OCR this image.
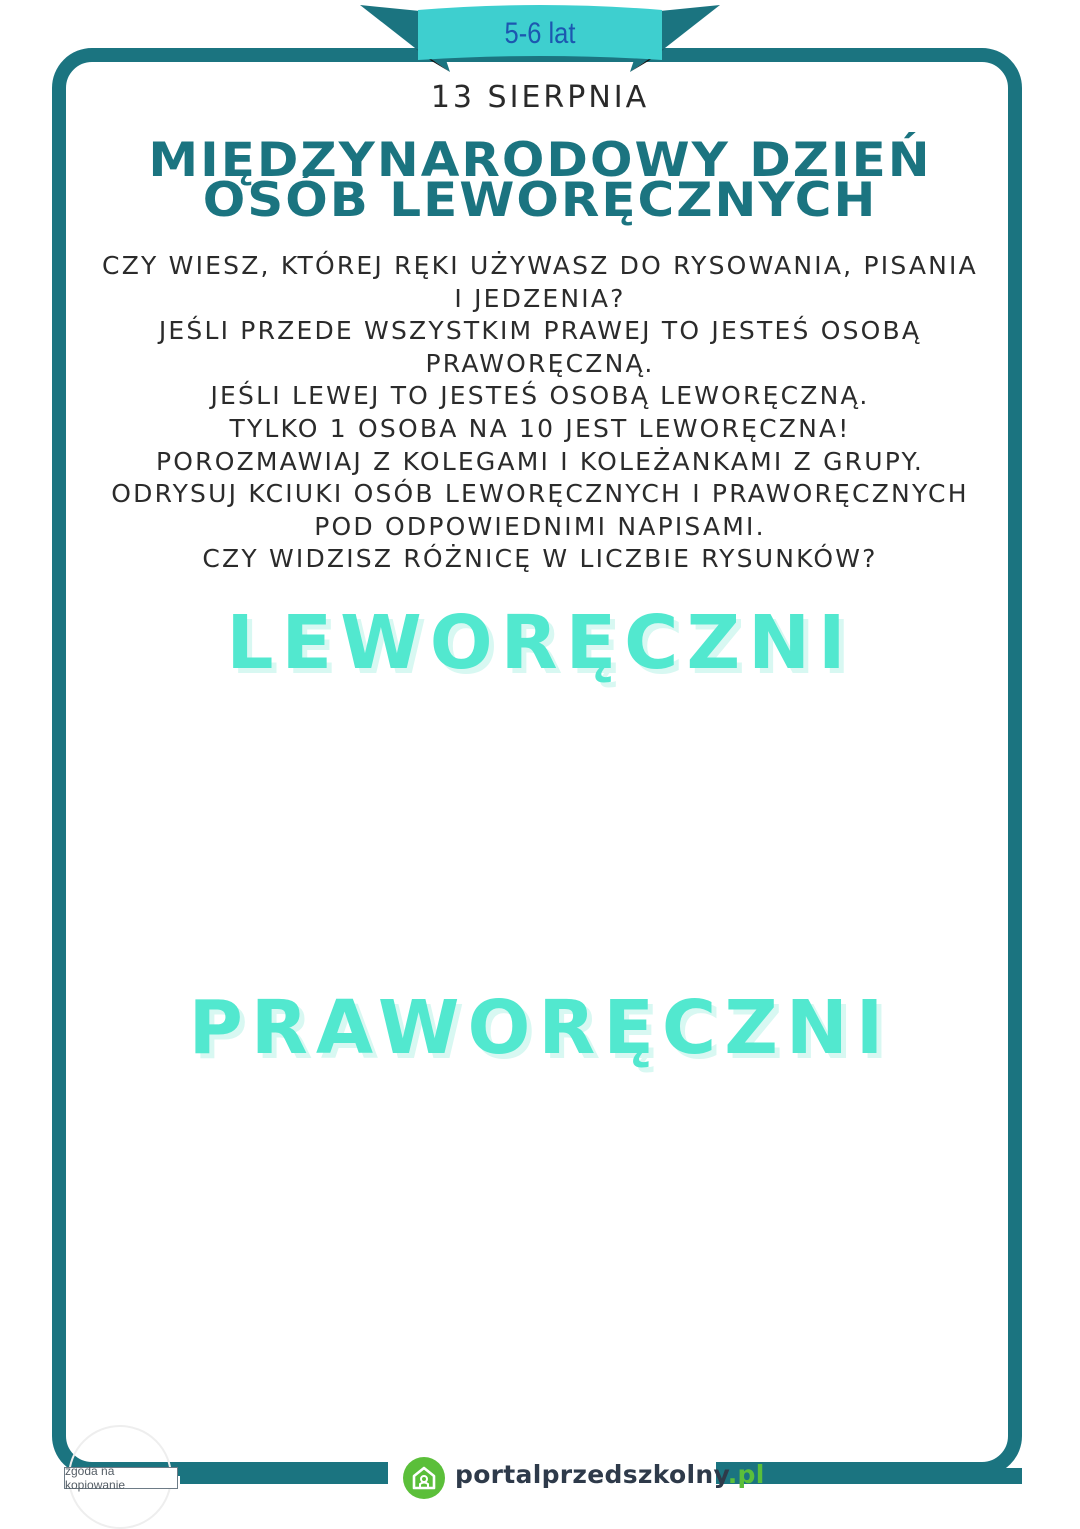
5-6 lat
13 SIERPNIA
MIĘDZYNARODOWY DZIEŃ
OSÓB LEWORĘCZNYCH
CZY WIESZ, KTÓREJ RĘKI UŻYWASZ DO RYSOWANIA, PISANIA
I JEDZENIA?
JEŚLI PRZEDE WSZYSTKIM PRAWEJ TO JESTEŚ OSOBĄ
PRAWORĘCZNĄ.
JEŚLI LEWEJ TO JESTEŚ OSOBĄ LEWORĘCZNĄ.
TYLKO 1 OSOBA NA 10 JEST LEWORĘCZNA!
POROZMAWIAJ Z KOLEGAMI I KOLEŻANKAMI Z GRUPY.
ODRYSUJ KCIUKI OSÓB LEWORĘCZNYCH I PRAWORĘCZNYCH
POD ODPOWIEDNIMI NAPISAMI.
CZY WIDZISZ RÓŻNICĘ W LICZBIE RYSUNKÓW?
LEWORĘCZNI
PRAWORĘCZNI
zgoda na kopiowanie	portalprzedszkolny.pl
